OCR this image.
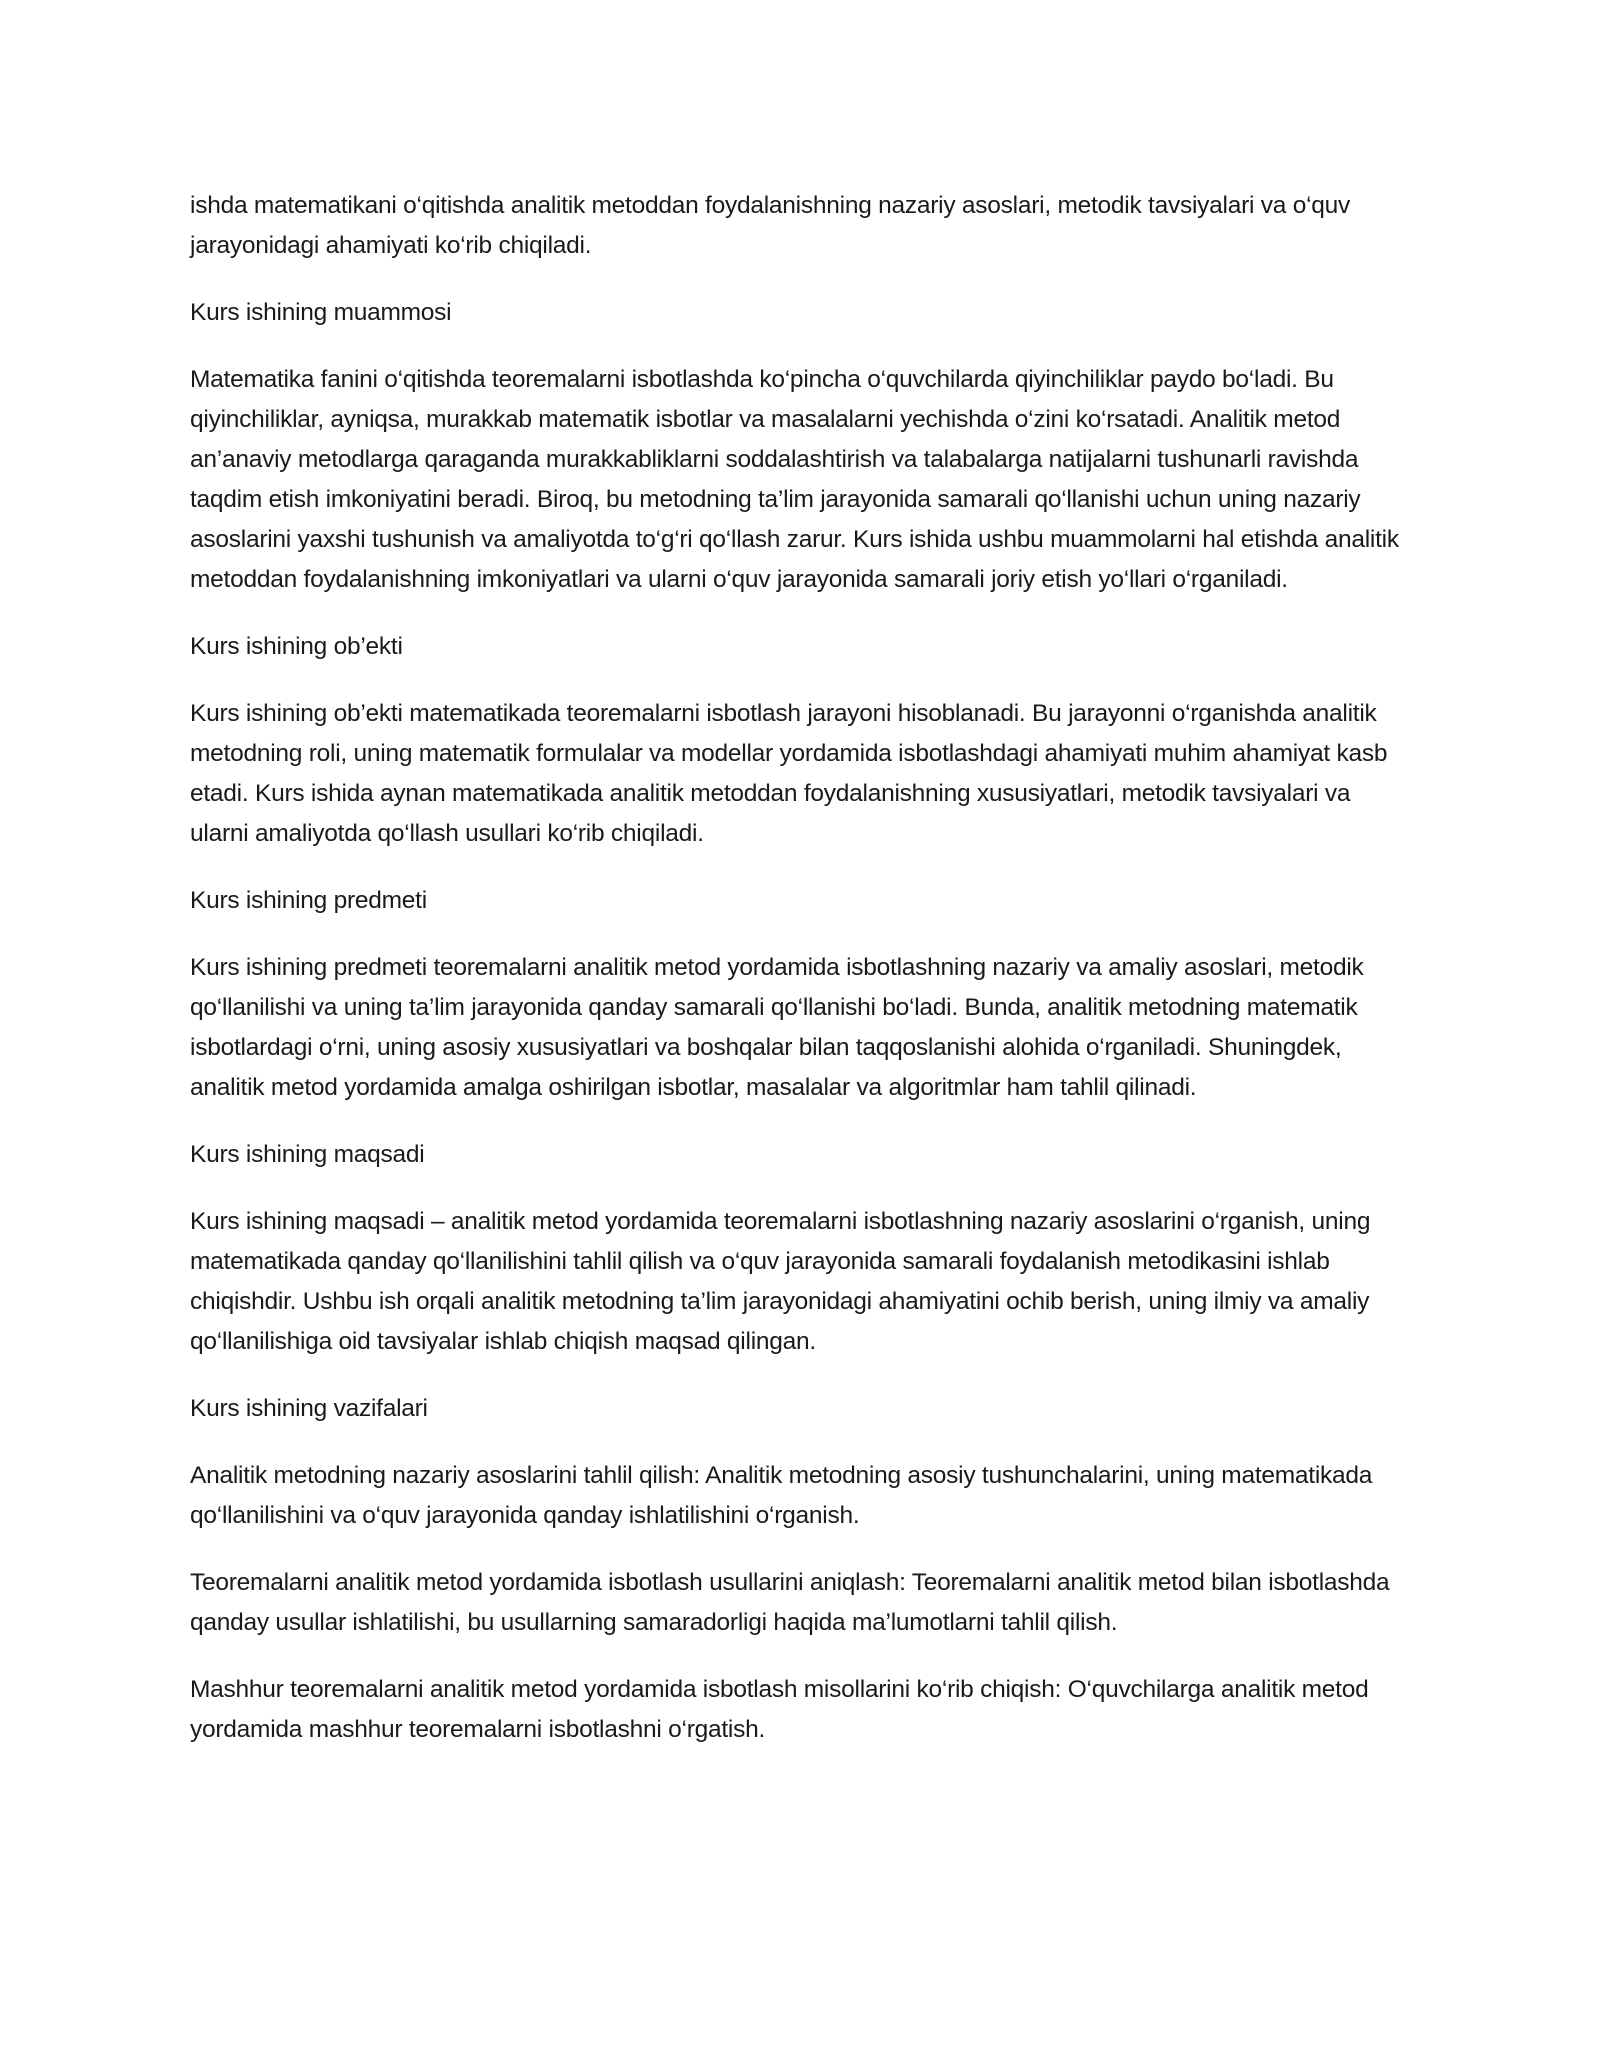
ishda matematikani o‘qitishda analitik metoddan foydalanishning nazariy asoslari, metodik tavsiyalari va o‘quv jarayonidagi ahamiyati ko‘rib chiqiladi.

Kurs ishining muammosi

Matematika fanini o‘qitishda teoremalarni isbotlashda ko‘pincha o‘quvchilarda qiyinchiliklar paydo bo‘ladi. Bu qiyinchiliklar, ayniqsa, murakkab matematik isbotlar va masalalarni yechishda o‘zini ko‘rsatadi. Analitik metod an’anaviy metodlarga qaraganda murakkabliklarni soddalashtirish va talabalarga natijalarni tushunarli ravishda taqdim etish imkoniyatini beradi. Biroq, bu metodning ta’lim jarayonida samarali qo‘llanishi uchun uning nazariy asoslarini yaxshi tushunish va amaliyotda to‘g‘ri qo‘llash zarur. Kurs ishida ushbu muammolarni hal etishda analitik metoddan foydalanishning imkoniyatlari va ularni o‘quv jarayonida samarali joriy etish yo‘llari o‘rganiladi.

Kurs ishining ob’ekti

Kurs ishining ob’ekti matematikada teoremalarni isbotlash jarayoni hisoblanadi. Bu jarayonni o‘rganishda analitik metodning roli, uning matematik formulalar va modellar yordamida isbotlashdagi ahamiyati muhim ahamiyat kasb etadi. Kurs ishida aynan matematikada analitik metoddan foydalanishning xususiyatlari, metodik tavsiyalari va ularni amaliyotda qo‘llash usullari ko‘rib chiqiladi.

Kurs ishining predmeti

Kurs ishining predmeti teoremalarni analitik metod yordamida isbotlashning nazariy va amaliy asoslari, metodik qo‘llanilishi va uning ta’lim jarayonida qanday samarali qo‘llanishi bo‘ladi. Bunda, analitik metodning matematik isbotlardagi o‘rni, uning asosiy xususiyatlari va boshqalar bilan taqqoslanishi alohida o‘rganiladi. Shuningdek, analitik metod yordamida amalga oshirilgan isbotlar, masalalar va algoritmlar ham tahlil qilinadi.

Kurs ishining maqsadi

Kurs ishining maqsadi – analitik metod yordamida teoremalarni isbotlashning nazariy asoslarini o‘rganish, uning matematikada qanday qo‘llanilishini tahlil qilish va o‘quv jarayonida samarali foydalanish metodikasini ishlab chiqishdir. Ushbu ish orqali analitik metodning ta’lim jarayonidagi ahamiyatini ochib berish, uning ilmiy va amaliy qo‘llanilishiga oid tavsiyalar ishlab chiqish maqsad qilingan.

Kurs ishining vazifalari

Analitik metodning nazariy asoslarini tahlil qilish: Analitik metodning asosiy tushunchalarini, uning matematikada qo‘llanilishini va o‘quv jarayonida qanday ishlatilishini o‘rganish.

Teoremalarni analitik metod yordamida isbotlash usullarini aniqlash: Teoremalarni analitik metod bilan isbotlashda qanday usullar ishlatilishi, bu usullarning samaradorligi haqida ma’lumotlarni tahlil qilish.

Mashhur teoremalarni analitik metod yordamida isbotlash misollarini ko‘rib chiqish: O‘quvchilarga analitik metod yordamida mashhur teoremalarni isbotlashni o‘rgatish.
